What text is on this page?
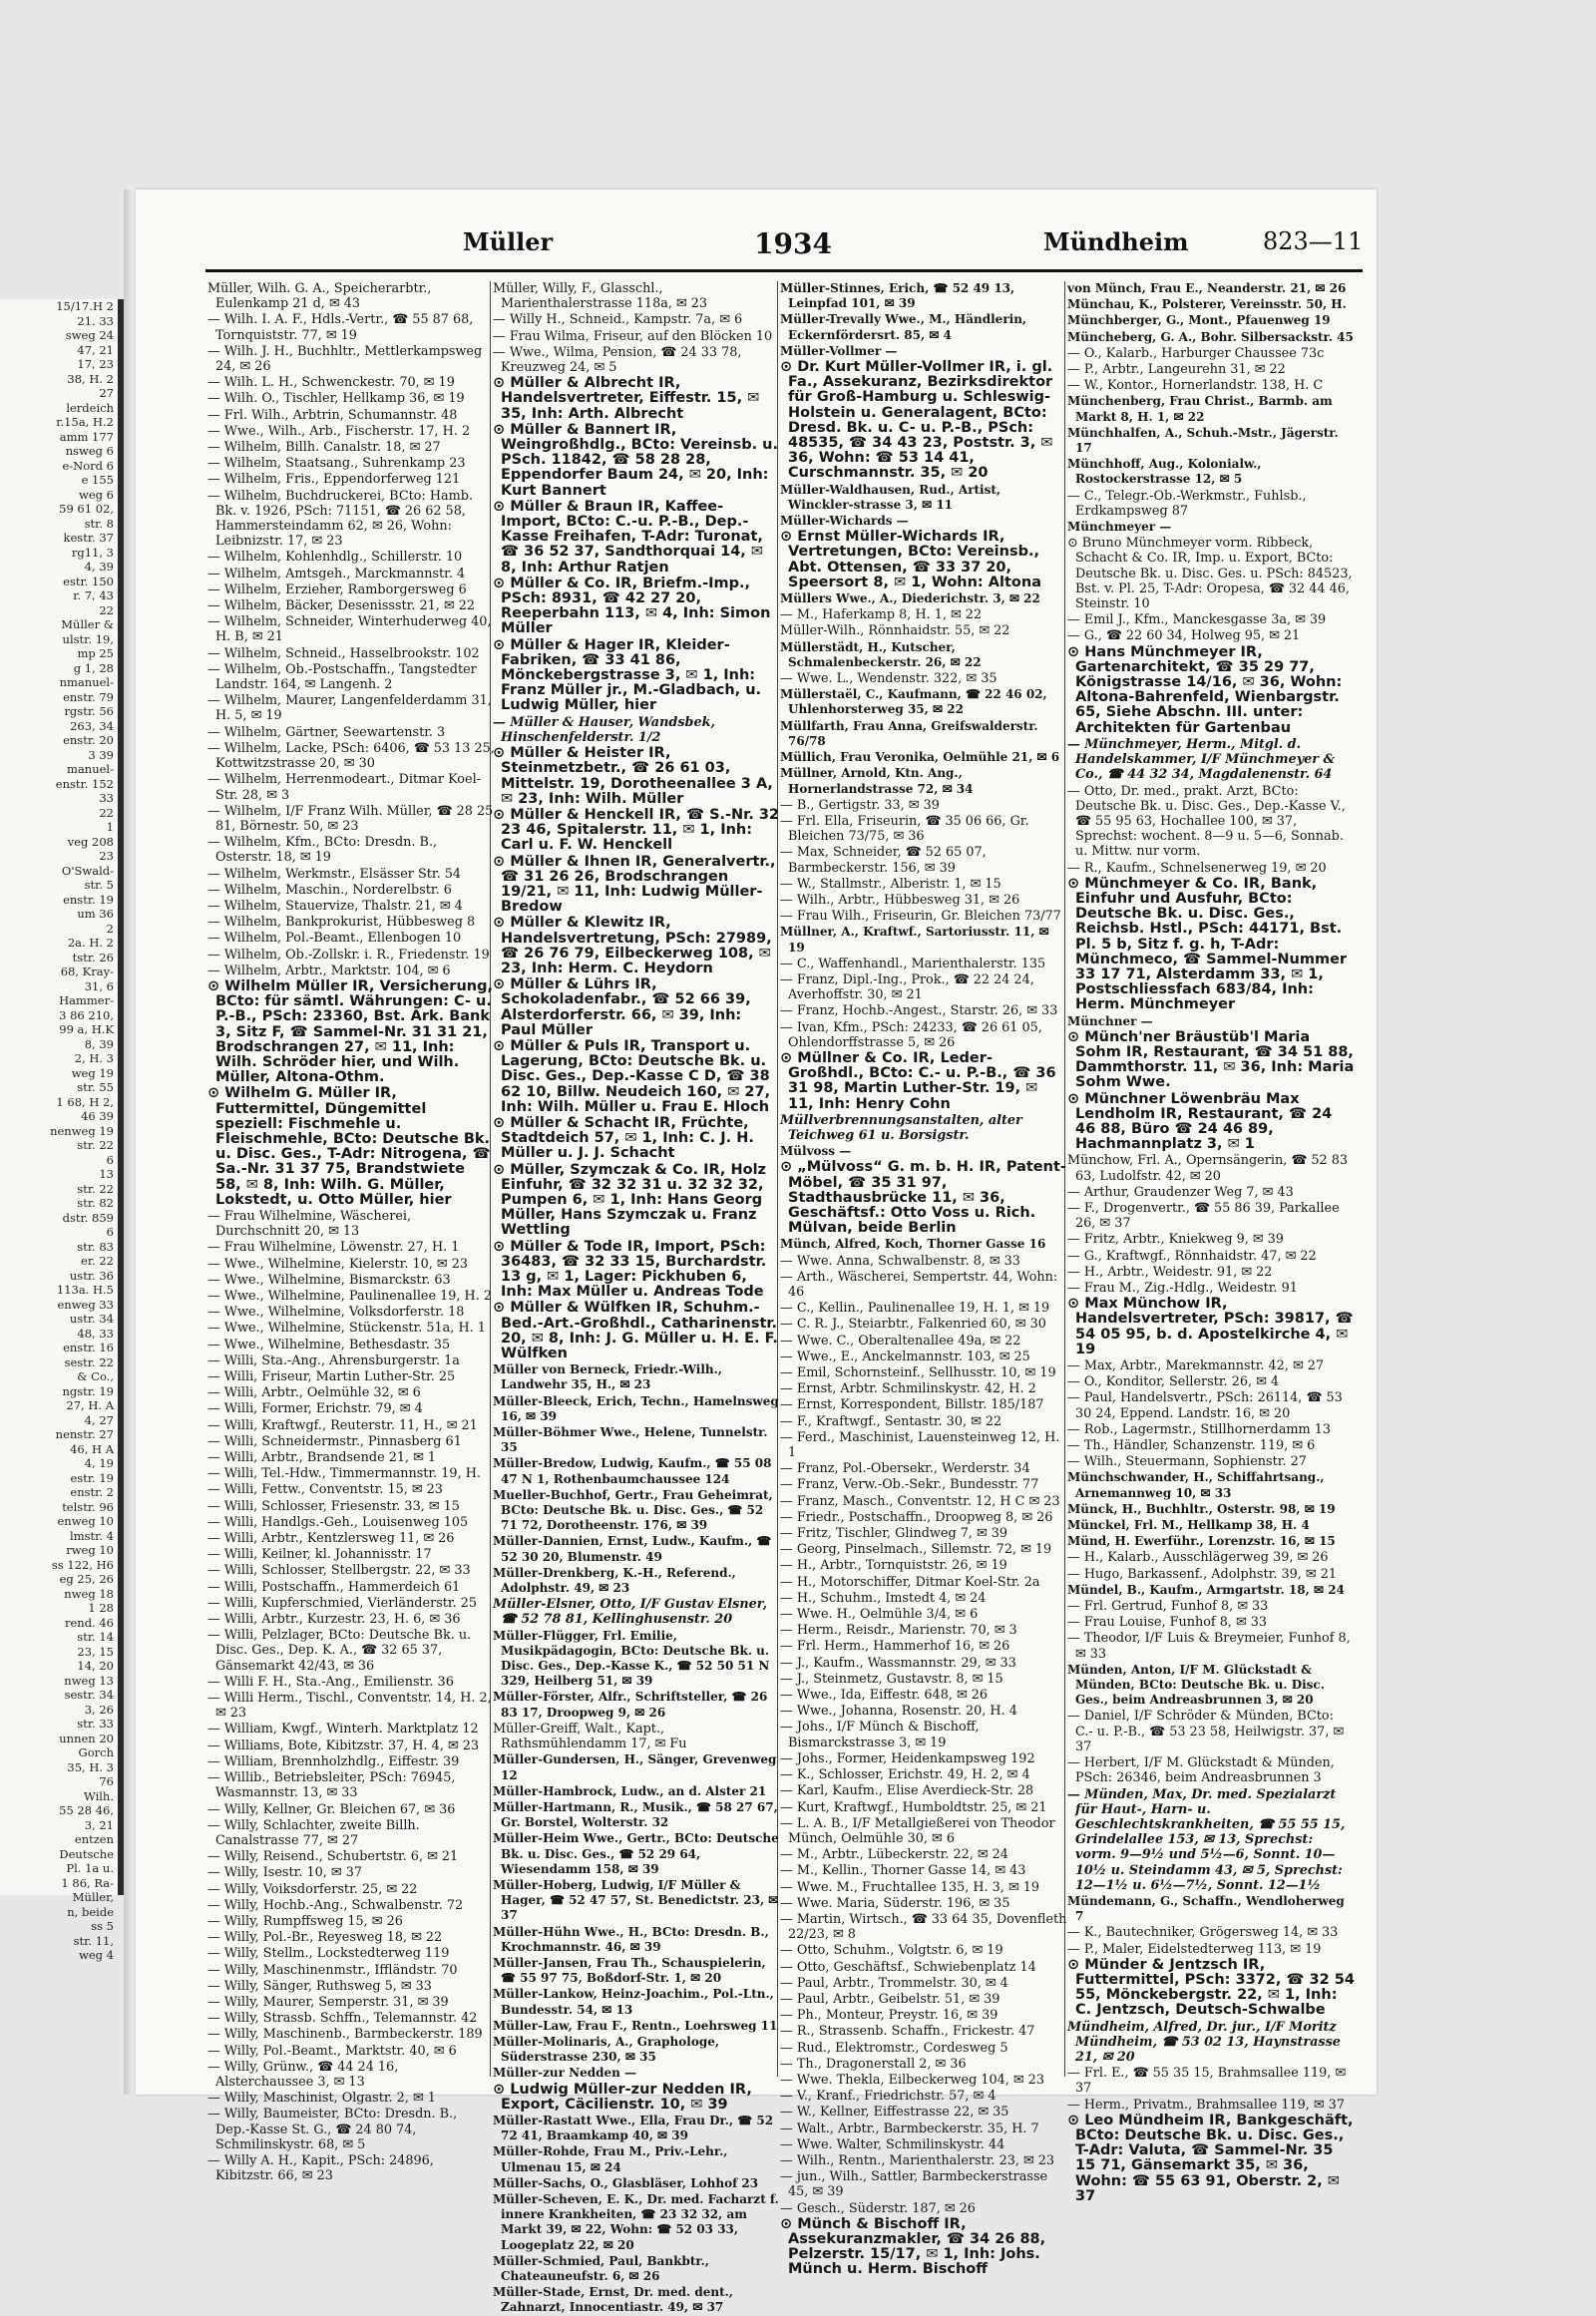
15/17.H 2
21. 33
sweg 24
47, 21
17, 23
38, H. 2
27
lerdeich
r.15a, H.2
amm 177
nsweg 6
e-Nord 6
e 155
weg 6
59 61 02,
str. 8
kestr. 37
rg11, 3
4, 39
estr. 150
r. 7, 43
22
Müller &
ulstr. 19,
mp 25
g 1, 28
nmanuel-
enstr. 79
rgstr. 56
263, 34
enstr. 20
3 39
manuel-
enstr. 152
33
22
1
veg 208
23
O'Swald-
str. 5
enstr. 19
um 36
2
2a. H. 2
tstr. 26
68, Kray-
31, 6
Hammer-
3 86 210,
99 a, H.K
8, 39
2, H. 3
weg 19
str. 55
1 68, H 2,
46 39
nenweg 19
str. 22
6
13
str. 22
str. 82
dstr. 859
6
str. 83
er. 22
ustr. 36
113a. H.5
enweg 33
ustr. 34
48, 33
enstr. 16
sestr. 22
& Co.,
ngstr. 19
27, H. A
4, 27
nenstr. 27
46, H A
4, 19
estr. 19
enstr. 2
telstr. 96
enweg 10
lmstr. 4
rweg 10
ss 122, H6
eg 25, 26
nweg 18
1 28
rend. 46
str. 14
23, 15
14, 20
nweg 13
sestr. 34
3, 26
str. 33
unnen 20
Gorch
35, H. 3
76
Wilh.
55 28 46,
3, 21
entzen
Deutsche
Pl. 1a u.
1 86, Ra-
Müller,
n, beide
ss 5
str. 11,
weg 4
Müller	1934	Mündheim	823—11
Müller, Wilh. G. A., Speicherarbtr., Eulenkamp 21 d, ✉ 43
— Wilh. I. A. F., Hdls.-Vertr., ☎ 55 87 68, Tornquiststr. 77, ✉ 19
— Wilh. J. H., Buchhltr., Mettlerkampsweg 24, ✉ 26
— Wilh. L. H., Schwenckestr. 70, ✉ 19
— Wilh. O., Tischler, Hellkamp 36, ✉ 19
— Frl. Wilh., Arbtrin, Schumannstr. 48
— Wwe., Wilh., Arb., Fischerstr. 17, H. 2
— Wilhelm, Billh. Canalstr. 18, ✉ 27
— Wilhelm, Staatsang., Suhrenkamp 23
— Wilhelm, Fris., Eppendorferweg 121
— Wilhelm, Buchdruckerei, BCto: Hamb. Bk. v. 1926, PSch: 71151, ☎ 26 62 58, Hammersteindamm 62, ✉ 26, Wohn: Leibnizstr. 17, ✉ 23
— Wilhelm, Kohlenhdlg., Schillerstr. 10
— Wilhelm, Amtsgeh., Marckmannstr. 4
— Wilhelm, Erzieher, Ramborgersweg 6
— Wilhelm, Bäcker, Desenissstr. 21, ✉ 22
— Wilhelm, Schneider, Winterhuderweg 40, H. B, ✉ 21
— Wilhelm, Schneid., Hasselbrookstr. 102
— Wilhelm, Ob.-Postschaffn., Tangstedter Landstr. 164, ✉ Langenh. 2
— Wilhelm, Maurer, Langenfelderdamm 31, H. 5, ✉ 19
— Wilhelm, Gärtner, Seewartenstr. 3
— Wilhelm, Lacke, PSch: 6406, ☎ 53 13 25, Kottwitzstrasse 20, ✉ 30
— Wilhelm, Herrenmodeart., Ditmar Koel-Str. 28, ✉ 3
— Wilhelm, I/F Franz Wilh. Müller, ☎ 28 25 81, Börnestr. 50, ✉ 23
— Wilhelm, Kfm., BCto: Dresdn. B., Osterstr. 18, ✉ 19
— Wilhelm, Werkmstr., Elsässer Str. 54
— Wilhelm, Maschin., Norderelbstr. 6
— Wilhelm, Stauervize, Thalstr. 21, ✉ 4
— Wilhelm, Bankprokurist, Hübbesweg 8
— Wilhelm, Pol.-Beamt., Ellenbogen 10
— Wilhelm, Ob.-Zollskr. i. R., Friedenstr. 19
— Wilhelm, Arbtr., Marktstr. 104, ✉ 6
⊙ Wilhelm Müller IR, Versicherung, BCto: für sämtl. Währungen: C- u. P.-B., PSch: 23360, Bst. Ark. Bank 3, Sitz F, ☎ Sammel-Nr. 31 31 21, Brodschrangen 27, ✉ 11, Inh: Wilh. Schröder hier, und Wilh. Müller, Altona-Othm.
⊙ Wilhelm G. Müller IR, Futtermittel, Düngemittel speziell: Fischmehle u. Fleischmehle, BCto: Deutsche Bk. u. Disc. Ges., T-Adr: Nitrogena, ☎ Sa.-Nr. 31 37 75, Brandstwiete 58, ✉ 8, Inh: Wilh. G. Müller, Lokstedt, u. Otto Müller, hier
— Frau Wilhelmine, Wäscherei, Durchschnitt 20, ✉ 13
— Frau Wilhelmine, Löwenstr. 27, H. 1
— Wwe., Wilhelmine, Kielerstr. 10, ✉ 23
— Wwe., Wilhelmine, Bismarckstr. 63
— Wwe., Wilhelmine, Paulinenallee 19, H. 2
— Wwe., Wilhelmine, Volksdorferstr. 18
— Wwe., Wilhelmine, Stückenstr. 51a, H. 1
— Wwe., Wilhelmine, Bethesdastr. 35
— Willi, Sta.-Ang., Ahrensburgerstr. 1a
— Willi, Friseur, Martin Luther-Str. 25
— Willi, Arbtr., Oelmühle 32, ✉ 6
— Willi, Former, Erichstr. 79, ✉ 4
— Willi, Kraftwgf., Reuterstr. 11, H., ✉ 21
— Willi, Schneidermstr., Pinnasberg 61
— Willi, Arbtr., Brandsende 21, ✉ 1
— Willi, Tel.-Hdw., Timmermannstr. 19, H.
— Willi, Fettw., Conventstr. 15, ✉ 23
— Willi, Schlosser, Friesenstr. 33, ✉ 15
— Willi, Handlgs.-Geh., Louisenweg 105
— Willi, Arbtr., Kentzlersweg 11, ✉ 26
— Willi, Keilner, kl. Johannisstr. 17
— Willi, Schlosser, Stellbergstr. 22, ✉ 33
— Willi, Postschaffn., Hammerdeich 61
— Willi, Kupferschmied, Vierländerstr. 25
— Willi, Arbtr., Kurzestr. 23, H. 6, ✉ 36
— Willi, Pelzlager, BCto: Deutsche Bk. u. Disc. Ges., Dep. K. A., ☎ 32 65 37, Gänsemarkt 42/43, ✉ 36
— Willi F. H., Sta.-Ang., Emilienstr. 36
— Willi Herm., Tischl., Conventstr. 14, H. 2, ✉ 23
— William, Kwgf., Winterh. Marktplatz 12
— Williams, Bote, Kibitzstr. 37, H. 4, ✉ 23
— William, Brennholzhdlg., Eiffestr. 39
— Willib., Betriebsleiter, PSch: 76945, Wasmannstr. 13, ✉ 33
— Willy, Kellner, Gr. Bleichen 67, ✉ 36
— Willy, Schlachter, zweite Billh. Canalstrasse 77, ✉ 27
— Willy, Reisend., Schubertstr. 6, ✉ 21
— Willy, Isestr. 10, ✉ 37
— Willy, Voiksdorferstr. 25, ✉ 22
— Willy, Hochb.-Ang., Schwalbenstr. 72
— Willy, Rumpffsweg 15, ✉ 26
— Willy, Pol.-Br., Reyesweg 18, ✉ 22
— Willy, Stellm., Lockstedterweg 119
— Willy, Maschinenmstr., Iffländstr. 70
— Willy, Sänger, Ruthsweg 5, ✉ 33
— Willy, Maurer, Semperstr. 31, ✉ 39
— Willy, Strassb. Schffn., Telemannstr. 42
— Willy, Maschinenb., Barmbeckerstr. 189
— Willy, Pol.-Beamt., Marktstr. 40, ✉ 6
— Willy, Grünw., ☎ 44 24 16, Alsterchaussee 3, ✉ 13
— Willy, Maschinist, Olgastr. 2, ✉ 1
— Willy, Baumeister, BCto: Dresdn. B., Dep.-Kasse St. G., ☎ 24 80 74, Schmilinskystr. 68, ✉ 5
— Willy A. H., Kapit., PSch: 24896, Kibitzstr. 66, ✉ 23
Müller, Willy, F., Glasschl., Marienthalerstrasse 118a, ✉ 23
— Willy H., Schneid., Kampstr. 7a, ✉ 6
— Frau Wilma, Friseur, auf den Blöcken 10
— Wwe., Wilma, Pension, ☎ 24 33 78, Kreuzweg 24, ✉ 5
⊙ Müller & Albrecht IR, Handelsvertreter, Eiffestr. 15, ✉ 35, Inh: Arth. Albrecht
⊙ Müller & Bannert IR, Weingroßhdlg., BCto: Vereinsb. u. PSch. 11842, ☎ 58 28 28, Eppendorfer Baum 24, ✉ 20, Inh: Kurt Bannert
⊙ Müller & Braun IR, Kaffee-Import, BCto: C.-u. P.-B., Dep.-Kasse Freihafen, T-Adr: Turonat, ☎ 36 52 37, Sandthorquai 14, ✉ 8, Inh: Arthur Ratjen
⊙ Müller & Co. IR, Briefm.-Imp., PSch: 8931, ☎ 42 27 20, Reeperbahn 113, ✉ 4, Inh: Simon Müller
⊙ Müller & Hager IR, Kleider-Fabriken, ☎ 33 41 86, Mönckebergstrasse 3, ✉ 1, Inh: Franz Müller jr., M.-Gladbach, u. Ludwig Müller, hier
— Müller & Hauser, Wandsbek, Hinschenfelderstr. 1/2
⊙ Müller & Heister IR, Steinmetzbetr., ☎ 26 61 03, Mittelstr. 19, Dorotheenallee 3 A, ✉ 23, Inh: Wilh. Müller
⊙ Müller & Henckell IR, ☎ S.-Nr. 32 23 46, Spitalerstr. 11, ✉ 1, Inh: Carl u. F. W. Henckell
⊙ Müller & Ihnen IR, Generalvertr., ☎ 31 26 26, Brodschrangen 19/21, ✉ 11, Inh: Ludwig Müller-Bredow
⊙ Müller & Klewitz IR, Handelsvertretung, PSch: 27989, ☎ 26 76 79, Eilbeckerweg 108, ✉ 23, Inh: Herm. C. Heydorn
⊙ Müller & Lührs IR, Schokoladenfabr., ☎ 52 66 39, Alsterdorferstr. 66, ✉ 39, Inh: Paul Müller
⊙ Müller & Puls IR, Transport u. Lagerung, BCto: Deutsche Bk. u. Disc. Ges., Dep.-Kasse C D, ☎ 38 62 10, Billw. Neudeich 160, ✉ 27, Inh: Wilh. Müller u. Frau E. Hloch
⊙ Müller & Schacht IR, Früchte, Stadtdeich 57, ✉ 1, Inh: C. J. H. Müller u. J. J. Schacht
⊙ Müller, Szymczak & Co. IR, Holz Einfuhr, ☎ 32 32 31 u. 32 32 32, Pumpen 6, ✉ 1, Inh: Hans Georg Müller, Hans Szymczak u. Franz Wettling
⊙ Müller & Tode IR, Import, PSch: 36483, ☎ 32 33 15, Burchardstr. 13 g, ✉ 1, Lager: Pickhuben 6, Inh: Max Müller u. Andreas Tode
⊙ Müller & Wülfken IR, Schuhm.-Bed.-Art.-Großhdl., Catharinenstr. 20, ✉ 8, Inh: J. G. Müller u. H. E. F. Wülfken
Müller von Berneck, Friedr.-Wilh., Landwehr 35, H., ✉ 23
Müller-Bleeck, Erich, Techn., Hamelnsweg 16, ✉ 39
Müller-Böhmer Wwe., Helene, Tunnelstr. 35
Müller-Bredow, Ludwig, Kaufm., ☎ 55 08 47 N 1, Rothenbaumchaussee 124
Mueller-Buchhof, Gertr., Frau Geheimrat, BCto: Deutsche Bk. u. Disc. Ges., ☎ 52 71 72, Dorotheenstr. 176, ✉ 39
Müller-Dannien, Ernst, Ludw., Kaufm., ☎ 52 30 20, Blumenstr. 49
Müller-Drenkberg, K.-H., Referend., Adolphstr. 49, ✉ 23
Müller-Elsner, Otto, I/F Gustav Elsner, ☎ 52 78 81, Kellinghusenstr. 20
Müller-Flügger, Frl. Emilie, Musikpädagogin, BCto: Deutsche Bk. u. Disc. Ges., Dep.-Kasse K., ☎ 52 50 51 N 329, Heilberg 51, ✉ 39
Müller-Förster, Alfr., Schriftsteller, ☎ 26 83 17, Droopweg 9, ✉ 26
Müller-Greiff, Walt., Kapt., Rathsmühlendamm 17, ✉ Fu
Müller-Gundersen, H., Sänger, Grevenweg 12
Müller-Hambrock, Ludw., an d. Alster 21
Müller-Hartmann, R., Musik., ☎ 58 27 67, Gr. Borstel, Wolterstr. 32
Müller-Heim Wwe., Gertr., BCto: Deutsche Bk. u. Disc. Ges., ☎ 52 29 64, Wiesendamm 158, ✉ 39
Müller-Hoberg, Ludwig, I/F Müller & Hager, ☎ 52 47 57, St. Benedictstr. 23, ✉ 37
Müller-Hühn Wwe., H., BCto: Dresdn. B., Krochmannstr. 46, ✉ 39
Müller-Jansen, Frau Th., Schauspielerin, ☎ 55 97 75, Boßdorf-Str. 1, ✉ 20
Müller-Lankow, Heinz-Joachim., Pol.-Ltn., Bundesstr. 54, ✉ 13
Müller-Law, Frau F., Rentn., Loehrsweg 11
Müller-Molinaris, A., Graphologe, Süderstrasse 230, ✉ 35
Müller-zur Nedden —
⊙ Ludwig Müller-zur Nedden IR, Export, Cäcilienstr. 10, ✉ 39
Müller-Rastatt Wwe., Ella, Frau Dr., ☎ 52 72 41, Braamkamp 40, ✉ 39
Müller-Rohde, Frau M., Priv.-Lehr., Ulmenau 15, ✉ 24
Müller-Sachs, O., Glasbläser, Lohhof 23
Müller-Scheven, E. K., Dr. med. Facharzt f. innere Krankheiten, ☎ 23 32 32, am Markt 39, ✉ 22, Wohn: ☎ 52 03 33, Loogeplatz 22, ✉ 20
Müller-Schmied, Paul, Bankbtr., Chateauneufstr. 6, ✉ 26
Müller-Stade, Ernst, Dr. med. dent., Zahnarzt, Innocentiastr. 49, ✉ 37
Müller-Stinnes, Erich, ☎ 52 49 13, Leinpfad 101, ✉ 39
Müller-Trevally Wwe., M., Händlerin, Eckernfördersrt. 85, ✉ 4
Müller-Vollmer —
⊙ Dr. Kurt Müller-Vollmer IR, i. gl. Fa., Assekuranz, Bezirksdirektor für Groß-Hamburg u. Schleswig-Holstein u. Generalagent, BCto: Dresd. Bk. u. C- u. P.-B., PSch: 48535, ☎ 34 43 23, Poststr. 3, ✉ 36, Wohn: ☎ 53 14 41, Curschmannstr. 35, ✉ 20
Müller-Waldhausen, Rud., Artist, Winckler-strasse 3, ✉ 11
Müller-Wichards —
⊙ Ernst Müller-Wichards IR, Vertretungen, BCto: Vereinsb., Abt. Ottensen, ☎ 33 37 20, Speersort 8, ✉ 1, Wohn: Altona
Müllers Wwe., A., Diederichstr. 3, ✉ 22
— M., Haferkamp 8, H. 1, ✉ 22
Müller-Wilh., Rönnhaidstr. 55, ✉ 22
Müllerstädt, H., Kutscher, Schmalenbeckerstr. 26, ✉ 22
— Wwe. L., Wendenstr. 322, ✉ 35
Müllerstaël, C., Kaufmann, ☎ 22 46 02, Uhlenhorsterweg 35, ✉ 22
Müllfarth, Frau Anna, Greifswalderstr. 76/78
Müllich, Frau Veronika, Oelmühle 21, ✉ 6
Müllner, Arnold, Ktn. Ang., Hornerlandstrasse 72, ✉ 34
— B., Gertigstr. 33, ✉ 39
— Frl. Ella, Friseurin, ☎ 35 06 66, Gr. Bleichen 73/75, ✉ 36
— Max, Schneider, ☎ 52 65 07, Barmbeckerstr. 156, ✉ 39
— W., Stallmstr., Alberistr. 1, ✉ 15
— Wilh., Arbtr., Hübbesweg 31, ✉ 26
— Frau Wilh., Friseurin, Gr. Bleichen 73/77
Müllner, A., Kraftwf., Sartoriusstr. 11, ✉ 19
— C., Waffenhandl., Marienthalerstr. 135
— Franz, Dipl.-Ing., Prok., ☎ 22 24 24, Averhoffstr. 30, ✉ 21
— Franz, Hochb.-Angest., Starstr. 26, ✉ 33
— Ivan, Kfm., PSch: 24233, ☎ 26 61 05, Ohlendorffstrasse 5, ✉ 26
⊙ Müllner & Co. IR, Leder-Großhdl., BCto: C.- u. P.-B., ☎ 36 31 98, Martin Luther-Str. 19, ✉ 11, Inh: Henry Cohn
Müllverbrennungsanstalten, alter Teichweg 61 u. Borsigstr.
Mülvoss —
⊙ „Mülvoss“ G. m. b. H. IR, Patent-Möbel, ☎ 35 31 97, Stadthausbrücke 11, ✉ 36, Geschäftsf.: Otto Voss u. Rich. Mülvan, beide Berlin
Münch, Alfred, Koch, Thorner Gasse 16
— Wwe. Anna, Schwalbenstr. 8, ✉ 33
— Arth., Wäscherei, Sempertstr. 44, Wohn: 46
— C., Kellin., Paulinenallee 19, H. 1, ✉ 19
— C. R. J., Steiarbtr., Falkenried 60, ✉ 30
— Wwe. C., Oberaltenallee 49a, ✉ 22
— Wwe., E., Anckelmannstr. 103, ✉ 25
— Emil, Schornsteinf., Sellhusstr. 10, ✉ 19
— Ernst, Arbtr. Schmilinskystr. 42, H. 2
— Ernst, Korrespondent, Billstr. 185/187
— F., Kraftwgf., Sentastr. 30, ✉ 22
— Ferd., Maschinist, Lauensteinweg 12, H. 1
— Franz, Pol.-Obersekr., Werderstr. 34
— Franz, Verw.-Ob.-Sekr., Bundesstr. 77
— Franz, Masch., Conventstr. 12, H C ✉ 23
— Friedr., Postschaffn., Droopweg 8, ✉ 26
— Fritz, Tischler, Glindweg 7, ✉ 39
— Georg, Pinselmach., Sillemstr. 72, ✉ 19
— H., Arbtr., Tornquiststr. 26, ✉ 19
— H., Motorschiffer, Ditmar Koel-Str. 2a
— H., Schuhm., Imstedt 4, ✉ 24
— Wwe. H., Oelmühle 3/4, ✉ 6
— Herm., Reisdr., Marienstr. 70, ✉ 3
— Frl. Herm., Hammerhof 16, ✉ 26
— J., Kaufm., Wassmannstr. 29, ✉ 33
— J., Steinmetz, Gustavstr. 8, ✉ 15
— Wwe., Ida, Eiffestr. 648, ✉ 26
— Wwe., Johanna, Rosenstr. 20, H. 4
— Johs., I/F Münch & Bischoff, Bismarckstrasse 3, ✉ 19
— Johs., Former, Heidenkampsweg 192
— K., Schlosser, Erichstr. 49, H. 2, ✉ 4
— Karl, Kaufm., Elise Averdieck-Str. 28
— Kurt, Kraftwgf., Humboldtstr. 25, ✉ 21
— L. A. B., I/F Metallgießerei von Theodor Münch, Oelmühle 30, ✉ 6
— M., Arbtr., Lübeckerstr. 22, ✉ 24
— M., Kellin., Thorner Gasse 14, ✉ 43
— Wwe. M., Fruchtallee 135, H. 3, ✉ 19
— Wwe. Maria, Süderstr. 196, ✉ 35
— Martin, Wirtsch., ☎ 33 64 35, Dovenfleth 22/23, ✉ 8
— Otto, Schuhm., Volgtstr. 6, ✉ 19
— Otto, Geschäftsf., Schwiebenplatz 14
— Paul, Arbtr., Trommelstr. 30, ✉ 4
— Paul, Arbtr., Geibelstr. 51, ✉ 39
— Ph., Monteur, Preystr. 16, ✉ 39
— R., Strassenb. Schaffn., Frickestr. 47
— Rud., Elektromstr., Cordesweg 5
— Th., Dragonerstall 2, ✉ 36
— Wwe. Thekla, Eilbeckerweg 104, ✉ 23
— V., Kranf., Friedrichstr. 57, ✉ 4
— W., Kellner, Eiffestrasse 22, ✉ 35
— Walt., Arbtr., Barmbeckerstr. 35, H. 7
— Wwe. Walter, Schmilinskystr. 44
— Wilh., Rentn., Marienthalerstr. 23, ✉ 23
— jun., Wilh., Sattler, Barmbeckerstrasse 45, ✉ 39
— Gesch., Süderstr. 187, ✉ 26
⊙ Münch & Bischoff IR, Assekuranzmakler, ☎ 34 26 88, Pelzerstr. 15/17, ✉ 1, Inh: Johs. Münch u. Herm. Bischoff
von Münch, Frau E., Neanderstr. 21, ✉ 26
Münchau, K., Polsterer, Vereinsstr. 50, H.
Münchberger, G., Mont., Pfauenweg 19
Müncheberg, G. A., Bohr. Silbersackstr. 45
— O., Kalarb., Harburger Chaussee 73c
— P., Arbtr., Langeurehn 31, ✉ 22
— W., Kontor., Hornerlandstr. 138, H. C
Münchenberg, Frau Christ., Barmb. am Markt 8, H. 1, ✉ 22
Münchhalfen, A., Schuh.-Mstr., Jägerstr. 17
Münchhoff, Aug., Kolonialw., Rostockerstrasse 12, ✉ 5
— C., Telegr.-Ob.-Werkmstr., Fuhlsb., Erdkampsweg 87
Münchmeyer —
⊙ Bruno Münchmeyer vorm. Ribbeck, Schacht & Co. IR, Imp. u. Export, BCto: Deutsche Bk. u. Disc. Ges. u. PSch: 84523, Bst. v. Pl. 25, T-Adr: Oropesa, ☎ 32 44 46, Steinstr. 10
— Emil J., Kfm., Manckesgasse 3a, ✉ 39
— G., ☎ 22 60 34, Holweg 95, ✉ 21
⊙ Hans Münchmeyer IR, Gartenarchitekt, ☎ 35 29 77, Königstrasse 14/16, ✉ 36, Wohn: Altona-Bahrenfeld, Wienbargstr. 65, Siehe Abschn. III. unter: Architekten für Gartenbau
— Münchmeyer, Herm., Mitgl. d. Handelskammer, I/F Münchmeyer & Co., ☎ 44 32 34, Magdalenenstr. 64
— Otto, Dr. med., prakt. Arzt, BCto: Deutsche Bk. u. Disc. Ges., Dep.-Kasse V., ☎ 55 95 63, Hochallee 100, ✉ 37, Sprechst: wochent. 8—9 u. 5—6, Sonnab. u. Mittw. nur vorm.
— R., Kaufm., Schnelsenerweg 19, ✉ 20
⊙ Münchmeyer & Co. IR, Bank, Einfuhr und Ausfuhr, BCto: Deutsche Bk. u. Disc. Ges., Reichsb. Hstl., PSch: 44171, Bst. Pl. 5 b, Sitz f. g. h, T-Adr: Münchmeco, ☎ Sammel-Nummer 33 17 71, Alsterdamm 33, ✉ 1, Postschliessfach 683/84, Inh: Herm. Münchmeyer
Münchner —
⊙ Münch'ner Bräustüb'l Maria Sohm IR, Restaurant, ☎ 34 51 88, Dammthorstr. 11, ✉ 36, Inh: Maria Sohm Wwe.
⊙ Münchner Löwenbräu Max Lendholm IR, Restaurant, ☎ 24 46 88, Büro ☎ 24 46 89, Hachmannplatz 3, ✉ 1
Münchow, Frl. A., Opernsängerin, ☎ 52 83 63, Ludolfstr. 42, ✉ 20
— Arthur, Graudenzer Weg 7, ✉ 43
— F., Drogenvertr., ☎ 55 86 39, Parkallee 26, ✉ 37
— Fritz, Arbtr., Kniekweg 9, ✉ 39
— G., Kraftwgf., Rönnhaidstr. 47, ✉ 22
— H., Arbtr., Weidestr. 91, ✉ 22
— Frau M., Zig.-Hdlg., Weidestr. 91
⊙ Max Münchow IR, Handelsvertreter, PSch: 39817, ☎ 54 05 95, b. d. Apostelkirche 4, ✉ 19
— Max, Arbtr., Marekmannstr. 42, ✉ 27
— O., Konditor, Sellerstr. 26, ✉ 4
— Paul, Handelsvertr., PSch: 26114, ☎ 53 30 24, Eppend. Landstr. 16, ✉ 20
— Rob., Lagermstr., Stillhornerdamm 13
— Th., Händler, Schanzenstr. 119, ✉ 6
— Wilh., Steuermann, Sophienstr. 27
Münchschwander, H., Schiffahrtsang., Arnemannweg 10, ✉ 33
Münck, H., Buchhltr., Osterstr. 98, ✉ 19
Münckel, Frl. M., Hellkamp 38, H. 4
Münd, H. Ewerführ., Lorenzstr. 16, ✉ 15
— H., Kalarb., Ausschlägerweg 39, ✉ 26
— Hugo, Barkassenf., Adolphstr. 39, ✉ 21
Mündel, B., Kaufm., Armgartstr. 18, ✉ 24
— Frl. Gertrud, Funhof 8, ✉ 33
— Frau Louise, Funhof 8, ✉ 33
— Theodor, I/F Luis & Breymeier, Funhof 8, ✉ 33
Münden, Anton, I/F M. Glückstadt & Münden, BCto: Deutsche Bk. u. Disc. Ges., beim Andreasbrunnen 3, ✉ 20
— Daniel, I/F Schröder & Münden, BCto: C.- u. P.-B., ☎ 53 23 58, Heilwigstr. 37, ✉ 37
— Herbert, I/F M. Glückstadt & Münden, PSch: 26346, beim Andreasbrunnen 3
— Münden, Max, Dr. med. Spezialarzt für Haut-, Harn- u. Geschlechtskrankheiten, ☎ 55 55 15, Grindelallee 153, ✉ 13, Sprechst: vorm. 9—9½ und 5½—6, Sonnt. 10—10½ u. Steindamm 43, ✉ 5, Sprechst: 12—1½ u. 6½—7½, Sonnt. 12—1½
Mündemann, G., Schaffn., Wendloherweg 7
— K., Bautechniker, Grögersweg 14, ✉ 33
— P., Maler, Eidelstedterweg 113, ✉ 19
⊙ Münder & Jentzsch IR, Futtermittel, PSch: 3372, ☎ 32 54 55, Mönckebergstr. 22, ✉ 1, Inh: C. Jentzsch, Deutsch-Schwalbe
Mündheim, Alfred, Dr. jur., I/F Moritz Mündheim, ☎ 53 02 13, Haynstrasse 21, ✉ 20
— Frl. E., ☎ 55 35 15, Brahmsallee 119, ✉ 37
— Herm., Privatm., Brahmsallee 119, ✉ 37
⊙ Leo Mündheim IR, Bankgeschäft, BCto: Deutsche Bk. u. Disc. Ges., T-Adr: Valuta, ☎ Sammel-Nr. 35 15 71, Gänsemarkt 35, ✉ 36, Wohn: ☎ 55 63 91, Oberstr. 2, ✉ 37
